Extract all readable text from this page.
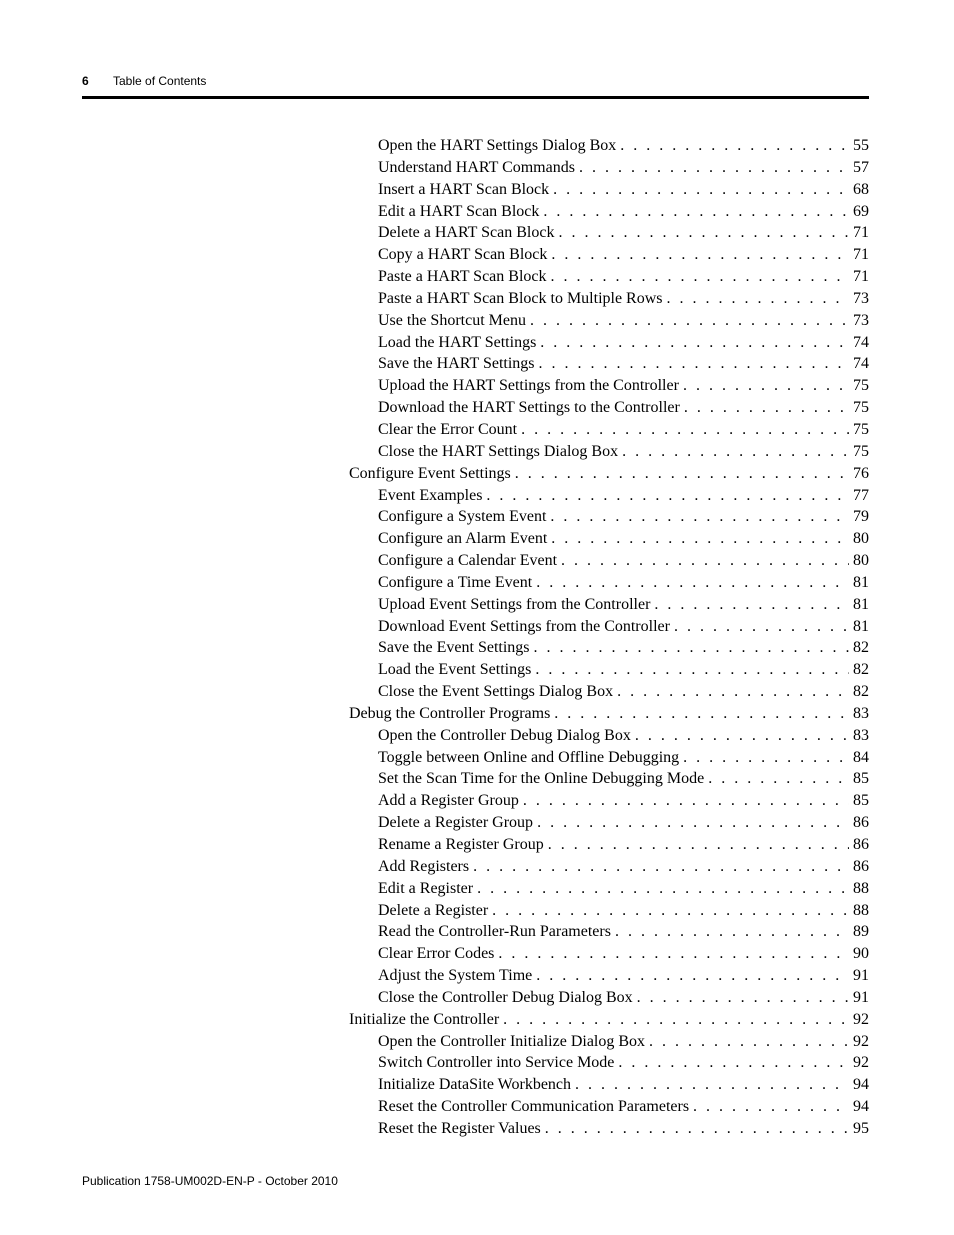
6 Table of Contents
Open the HART Settings Dialog Box . . .	55
Understand HART Commands . . .	57
Insert a HART Scan Block . . .	68
Edit a HART Scan Block . . .	69
Delete a HART Scan Block . . .	71
Copy a HART Scan Block . . .	71
Paste a HART Scan Block . . .	71
Paste a HART Scan Block to Multiple Rows . . .	73
Use the Shortcut Menu . . .	73
Load the HART Settings . . .	74
Save the HART Settings . . .	74
Upload the HART Settings from the Controller . . .	75
Download the HART Settings to the Controller . . .	75
Clear the Error Count . . .	75
Close the HART Settings Dialog Box . . .	75
Configure Event Settings . . .	76
Event Examples . . .	77
Configure a System Event . . .	79
Configure an Alarm Event . . .	80
Configure a Calendar Event . . .	80
Configure a Time Event . . .	81
Upload Event Settings from the Controller . . .	81
Download Event Settings from the Controller . . .	81
Save the Event Settings . . .	82
Load the Event Settings . . .	82
Close the Event Settings Dialog Box . . .	82
Debug the Controller Programs . . .	83
Open the Controller Debug Dialog Box . . .	83
Toggle between Online and Offline Debugging . . .	84
Set the Scan Time for the Online Debugging Mode . . .	85
Add a Register Group . . .	85
Delete a Register Group . . .	86
Rename a Register Group . . .	86
Add Registers . . .	86
Edit a Register . . .	88
Delete a Register . . .	88
Read the Controller-Run Parameters . . .	89
Clear Error Codes . . .	90
Adjust the System Time . . .	91
Close the Controller Debug Dialog Box . . .	91
Initialize the Controller . . .	92
Open the Controller Initialize Dialog Box . . .	92
Switch Controller into Service Mode . . .	92
Initialize DataSite Workbench . . .	94
Reset the Controller Communication Parameters . . .	94
Reset the Register Values . . .	95
Publication 1758-UM002D-EN-P - October 2010
